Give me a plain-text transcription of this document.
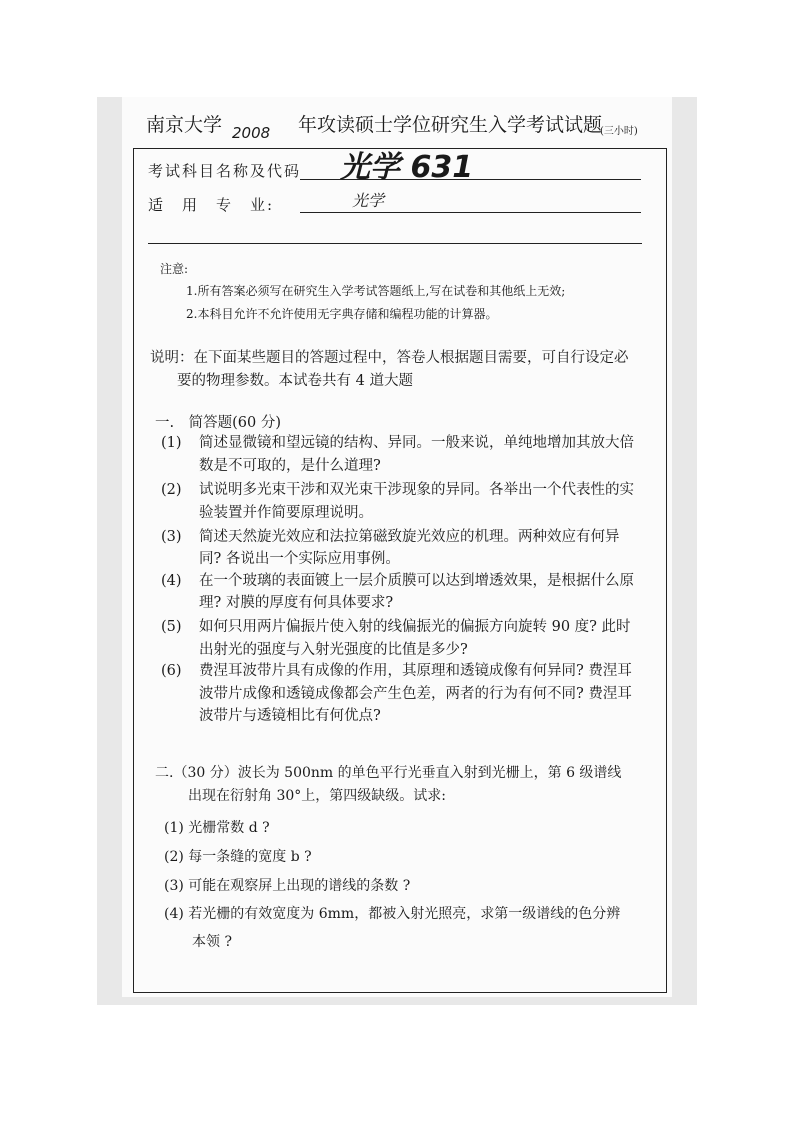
南京大学 2008 年攻读硕士学位研究生入学考试试题
(三小时)
考试科目名称及代码 光学 631
适　用　专　业:	光学
注意:
1.所有答案必须写在研究生入学考试答题纸上,写在试卷和其他纸上无效;
2.本科目允许不允许使用无字典存储和编程功能的计算器。
说明：在下面某些题目的答题过程中，答卷人根据题目需要，可自行设定必
要的物理参数。本试卷共有 4 道大题
一.　简答题(60 分)
(1) 简述显微镜和望远镜的结构、异同。一般来说，单纯地增加其放大倍
数是不可取的，是什么道理?
(2) 试说明多光束干涉和双光束干涉现象的异同。各举出一个代表性的实
验装置并作简要原理说明。
(3) 简述天然旋光效应和法拉第磁致旋光效应的机理。两种效应有何异
同? 各说出一个实际应用事例。
(4) 在一个玻璃的表面镀上一层介质膜可以达到增透效果，是根据什么原
理? 对膜的厚度有何具体要求?
(5) 如何只用两片偏振片使入射的线偏振光的偏振方向旋转 90 度? 此时
出射光的强度与入射光强度的比值是多少?
(6) 费涅耳波带片具有成像的作用，其原理和透镜成像有何异同? 费涅耳
波带片成像和透镜成像都会产生色差，两者的行为有何不同? 费涅耳
波带片与透镜相比有何优点?
二.（30 分）波长为 500nm 的单色平行光垂直入射到光栅上，第 6 级谱线
出现在衍射角 30°上，第四级缺级。试求:
(1) 光栅常数 d ?
(2) 每一条缝的宽度 b ?
(3) 可能在观察屏上出现的谱线的条数 ?
(4) 若光栅的有效宽度为 6mm，都被入射光照亮，求第一级谱线的色分辨
本领 ?
